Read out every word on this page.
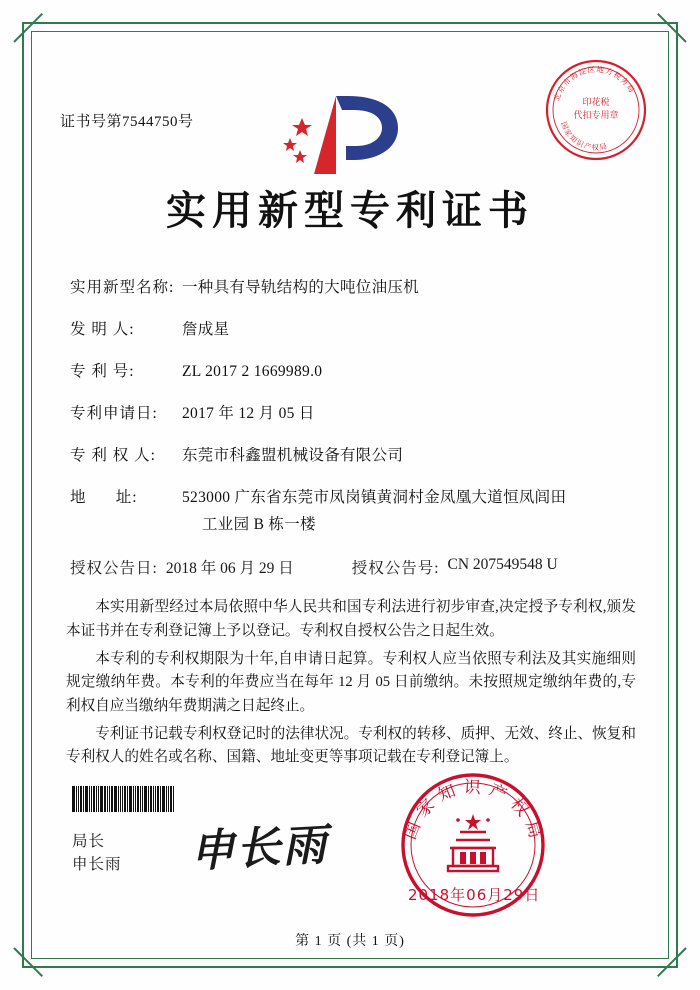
北京市海淀区地方税务局
国家知识产权局
印花税
代扣专用章
证书号第7544750号
实用新型专利证书
实用新型名称: 一种具有导轨结构的大吨位油压机
发 明 人:	詹成星
专 利 号:	ZL 2017 2 1669989.0
专利申请日:	2017 年 12 月 05 日
专 利 权 人:	东莞市科鑫盟机械设备有限公司
地      址:	523000 广东省东莞市凤岗镇黄洞村金凤凰大道恒凤闾田
工业园 B 栋一楼
授权公告日: 2018 年 06 月 29 日	授权公告号: CN 207549548 U

本实用新型经过本局依照中华人民共和国专利法进行初步审查,决定授予专利权,颁发本证书并在专利登记簿上予以登记。专利权自授权公告之日起生效。

本专利的专利权期限为十年,自申请日起算。专利权人应当依照专利法及其实施细则规定缴纳年费。本专利的年费应当在每年 12 月 05 日前缴纳。未按照规定缴纳年费的,专利权自应当缴纳年费期满之日起终止。

专利证书记载专利权登记时的法律状况。专利权的转移、质押、无效、终止、恢复和专利权人的姓名或名称、国籍、地址变更等事项记载在专利登记簿上。

局长
申长雨 申长雨	国家知识产权局
2018年06月29日
第 1 页 (共 1 页)
